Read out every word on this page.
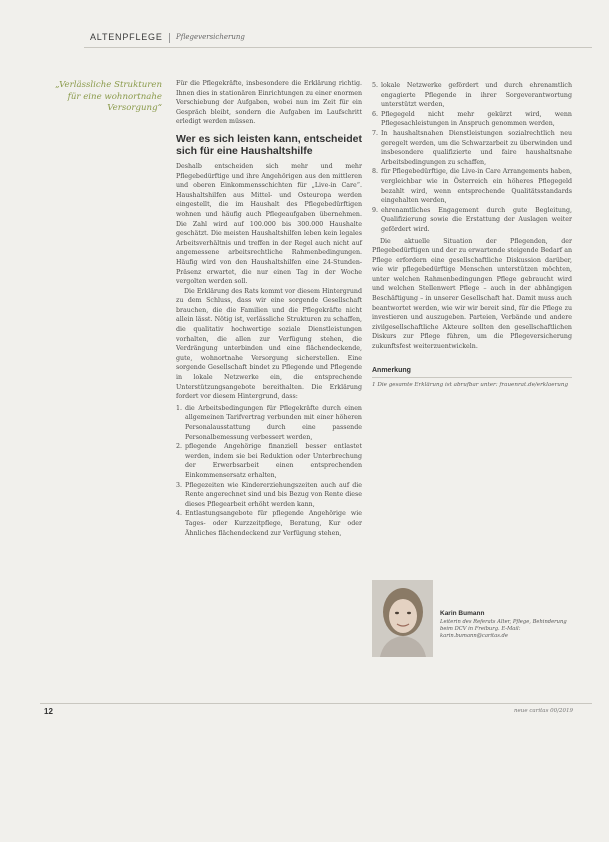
ALTENPFLEGE Pflegeversicherung
„Verlässliche Strukturen für eine wohnortnahe Versorgung“

Für die Pflegekräfte, insbesondere die Erklärung richtig. Ihnen dies in stationären Einrichtungen zu einer enormen Verschiebung der Aufgaben, wobei nun im Zeit für ein Gespräch bleibt, sondern die Aufgaben im Laufschritt erledigt werden müssen.

Wer es sich leisten kann, entscheidet sich für eine Haushaltshilfe

Deshalb entscheiden sich mehr und mehr Pflegebedürftige und ihre Angehörigen aus den mittleren und oberen Einkommensschichten für „Live-in Care“. Haushaltshilfen aus Mittel- und Osteuropa werden eingestellt, die im Haushalt des Pflegebedürftigen wohnen und häufig auch Pflegeaufgaben übernehmen. Die Zahl wird auf 100.000 bis 300.000 Haushalte geschätzt. Die meisten Haushaltshilfen leben kein legales Arbeitsverhältnis und treffen in der Regel auch nicht auf angemessene arbeitsrechtliche Rahmenbedingungen. Häufig wird von den Haushaltshilfen eine 24-Stunden-Präsenz erwartet, die nur einen Tag in der Woche vergolten werden soll.

Die Erklärung des Rats kommt vor diesem Hintergrund zu dem Schluss, dass wir eine sorgende Gesellschaft brauchen, die die Familien und die Pflegekräfte nicht allein lässt. Nötig ist, verlässliche Strukturen zu schaffen, die qualitativ hochwertige soziale Dienstleistungen vorhalten, die allen zur Verfügung stehen, die Verdrängung unterbinden und eine flächendeckende, gute, wohnortnahe Versorgung sicherstellen. Eine sorgende Gesellschaft bindet zu Pflegende und Pflegende in lokale Netzwerke ein, die entsprechende Unterstützungsangebote bereithalten. Die Erklärung fordert vor diesem Hintergrund, dass:

1. die Arbeitsbedingungen für Pflegekräfte durch einen allgemeinen Tarifvertrag verbunden mit einer höheren Personalausstattung durch eine passende Personalbemessung verbessert werden,
2. pflegende Angehörige finanziell besser entlastet werden, indem sie bei Reduktion oder Unterbrechung der Erwerbsarbeit einen entsprechenden Einkommensersatz erhalten,
3. Pflegezeiten wie Kindererziehungszeiten auch auf die Rente angerechnet sind und bis Bezug von Rente diese dieses Pflegearbeit erhöht werden kann,
4. Entlastungsangebote für pflegende Angehörige wie Tages- oder Kurzzeitpflege, Beratung, Kur oder Ähnliches flächendeckend zur Verfügung stehen,
5. lokale Netzwerke gefördert und durch ehrenamtlich engagierte Pflegende in ihrer Sorgeverantwortung unterstützt werden,
6. Pflegegeld nicht mehr gekürzt wird, wenn Pflegesachleistungen in Anspruch genommen werden,
7. In haushaltsnahen Dienstleistungen sozialrechtlich neu geregelt werden, um die Schwarzarbeit zu überwinden und insbesondere qualifizierte und faire haushaltsnahe Arbeitsbedingungen zu schaffen,
8. für Pflegebedürftige, die Live-in Care Arrangements haben, vergleichbar wie in Österreich ein höheres Pflegegeld bezahlt wird, wenn entsprechende Qualitätsstandards eingehalten werden,
9. ehrenamtliches Engagement durch gute Begleitung, Qualifizierung sowie die Erstattung der Auslagen weiter gefördert wird.

Die aktuelle Situation der Pflegenden, der Pflegebedürftigen und der zu erwartende steigende Bedarf an Pflege erfordern eine gesellschaftliche Diskussion darüber, wie wir pflegebedürftige Menschen unterstützen möchten, unter welchen Rahmenbedingungen Pflege gebraucht wird und welchen Stellenwert Pflege – auch in der abhängigen Beschäftigung – in unserer Gesellschaft hat. Damit muss auch beantwortet werden, wie wir wir bereit sind, für die Pflege zu investieren und auszugeben. Parteien, Verbände und andere zivilgesellschaftliche Akteure sollten den gesellschaftlichen Diskurs zur Pflege führen, um die Pflegeversicherung zukunftsfest weiterzuentwickeln.

Anmerkung
1 Die gesamte Erklärung ist abrufbar unter: frauenrat.de/erklaerung
Karin Bumann
Leiterin des Referats Alter, Pflege, Behinderung beim DCV in Freiburg. E-Mail: karin.bumann@caritas.de
12	neue caritas 00/2019
